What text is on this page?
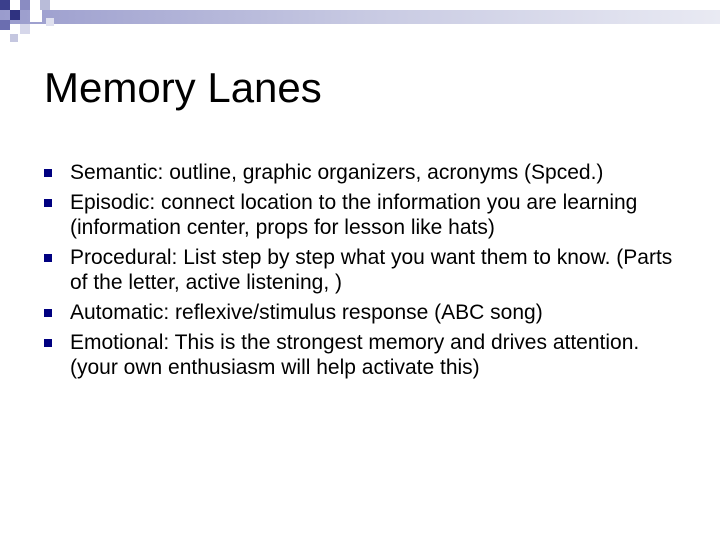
Memory Lanes
Semantic: outline, graphic organizers, acronyms (Spced.)
Episodic: connect location to the information you are learning (information center, props for lesson like hats)
Procedural: List step by step what you want them to know. (Parts of the letter, active listening, )
Automatic: reflexive/stimulus response (ABC song)
Emotional: This is the strongest memory and drives attention. (your own enthusiasm will help activate this)
